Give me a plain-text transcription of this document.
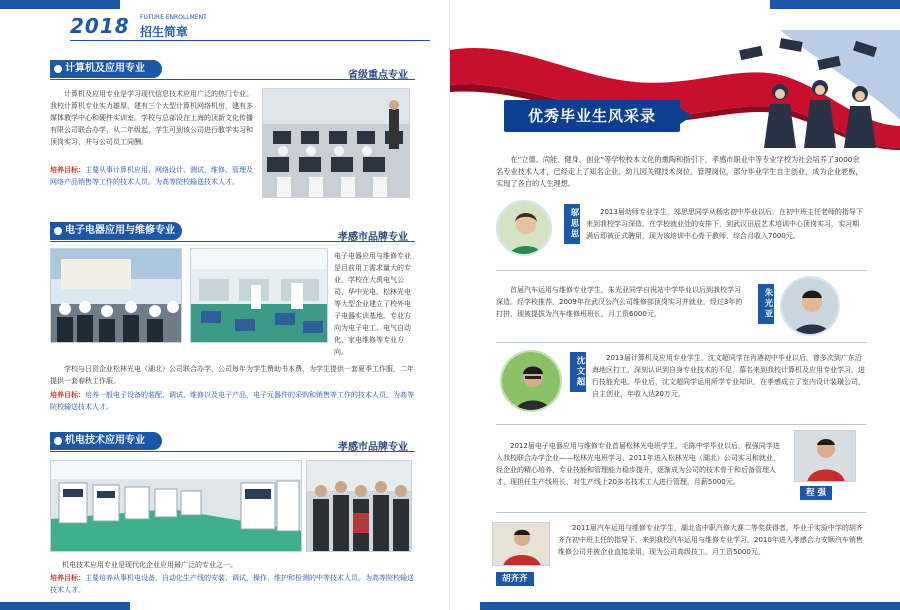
2018 FUTURE ENROLLMENT
招生简章
计算机及应用专业
省级重点专业
计算机及应用专业是学习现代信息技术应用广泛的热门专业。我校计算机专业实力雄厚，建有三个大型计算机网络机房，建有多媒体教学中心和硬件实训室。学校与总部设在上海的顶新文化传播有限公司联合办学，从二年级起，学生可到该公司进行教学实习和顶岗实习，并与公司员工同酬。
培养目标：主要从事计算机应用、网络设计、测试、维修、管理及网络产品销售等工作的技术人员。为高等院校输送技术人才。
电子电器应用与维修专业
孝感市品牌专业
电子电器应用与维修专业是目前用工需求量大的专业。学校在大禹电气公司、华中光电、松林光电等大型企业建立了校外电子电器实训基地。专业方向为电子电工、电气自动化、家电维修等专业方向。
学校与日资企业松林光电（湖北）公司联合办学，公司每年为学生赞助书本费，为学生提供一套夏季工作服、二年提供一套春秋工作服。
培养目标：培养一般电子设备的装配、调试、维修以及电子产品，电子元器件的采购和销售等工作的技术人员。为高等院校输送技术人才。
机电技术应用专业
孝感市品牌专业
机电技术应用专业是现代化企业应用最广泛的专业之一。
培养目标：主要培养从事机电设备，自动化生产线的安装、调试、操作、维护和检测的中等技术人员。为高等院校输送技术人才。
优秀毕业生风采录
在“立德、尚能、健身、创业”等学校校本文化的熏陶和指引下，孝感市职业中等专业学校为社会培养了3000余名专业技术人才，已经走上了知名企业、幼儿园关键技术岗位、管理岗位，部分毕业学生自主创业，成为企业老板，实现了各自的人生理想。
邬思思	2013届幼师专业学生，邬思思同学从杨店初中毕业以后，在初中班主任老师的指导下来到我校学习深造，在学校就业处的安排下，到武汉田辰艺术培训中心顶岗实习，实习期满后即被正式聘用，现为该培训中心骨干教师，综合月收入7000元。
首届汽车运用与维修专业学生，朱光亚同学自祝站中学毕业以后到我校学习深造。经学校推荐，2009年在武汉公汽公司维修部顶岗实习并就业，经过3年的打拼，现被提拔为汽车维修班班长，月工资6000元。	朱光亚
沈文超	2013届计算机及应用专业学生，沈文超同学在肖港初中毕业以后，曾多次到广东沿海地区打工，深刻认识到自身专业技术的不足，慕名来到我校计算机及应用专业学习，进行技能充电。毕业后，沈文超同学运用所学专业知识，在孝感成立了室内设计装璜公司，自主创业，年收入达20万元。
2012届电子电器应用与维修专业首届松林光电班学生。毛陈中学毕业以后，程强同学进入我校联合办学企业——松林光电班学习，2011年进入松林光电（湖北）公司实习和就业，经企业的精心培养，专业技能和管理能力稳步提升，逐渐成为公司的技术骨干和后备管理人才，现担任生产线班长，对生产线上20多名技术工人进行管理，月薪5000元。
程 强
胡齐齐
2011届汽车运用与维修专业学生，湖北省中职汽修大赛二等奖获得者。毕业于实验中学的胡齐齐在初中班主任的指导下，来到我校汽车运用与维修专业学习，2010年进入孝感合力安顺汽车销售维修公司并被企业直接录用，现为公司高级技工，月工资5000元。
